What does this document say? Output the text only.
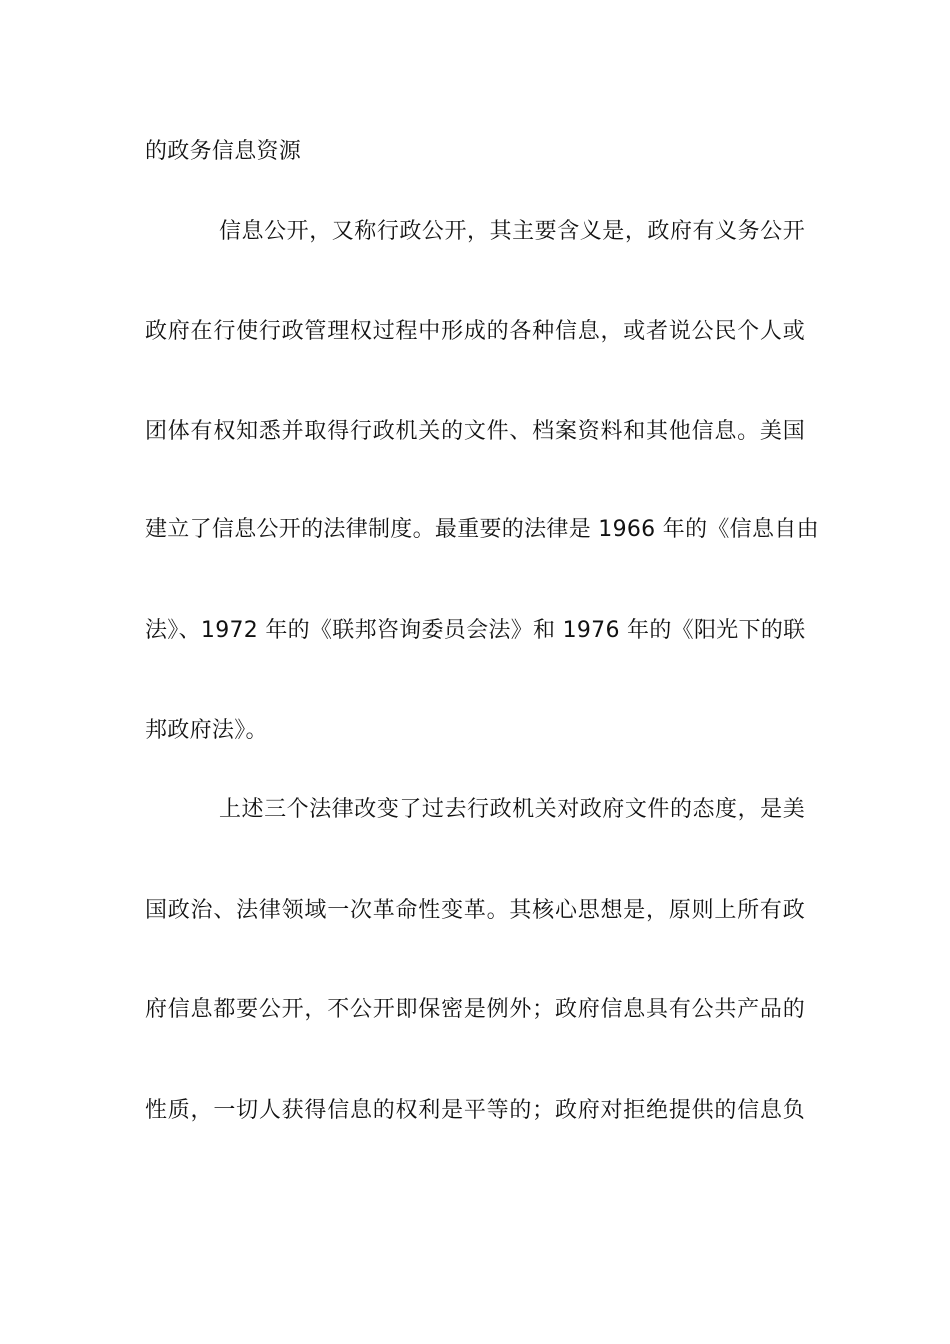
的政务信息资源
信息公开，又称行政公开，其主要含义是，政府有义务公开
政府在行使行政管理权过程中形成的各种信息，或者说公民个人或
团体有权知悉并取得行政机关的文件、档案资料和其他信息。美国
建立了信息公开的法律制度。最重要的法律是 1966 年的《信息自由
法》、1972 年的《联邦咨询委员会法》和 1976 年的《阳光下的联
邦政府法》。
上述三个法律改变了过去行政机关对政府文件的态度，是美
国政治、法律领域一次革命性变革。其核心思想是，原则上所有政
府信息都要公开，不公开即保密是例外；政府信息具有公共产品的
性质，一切人获得信息的权利是平等的；政府对拒绝提供的信息负
